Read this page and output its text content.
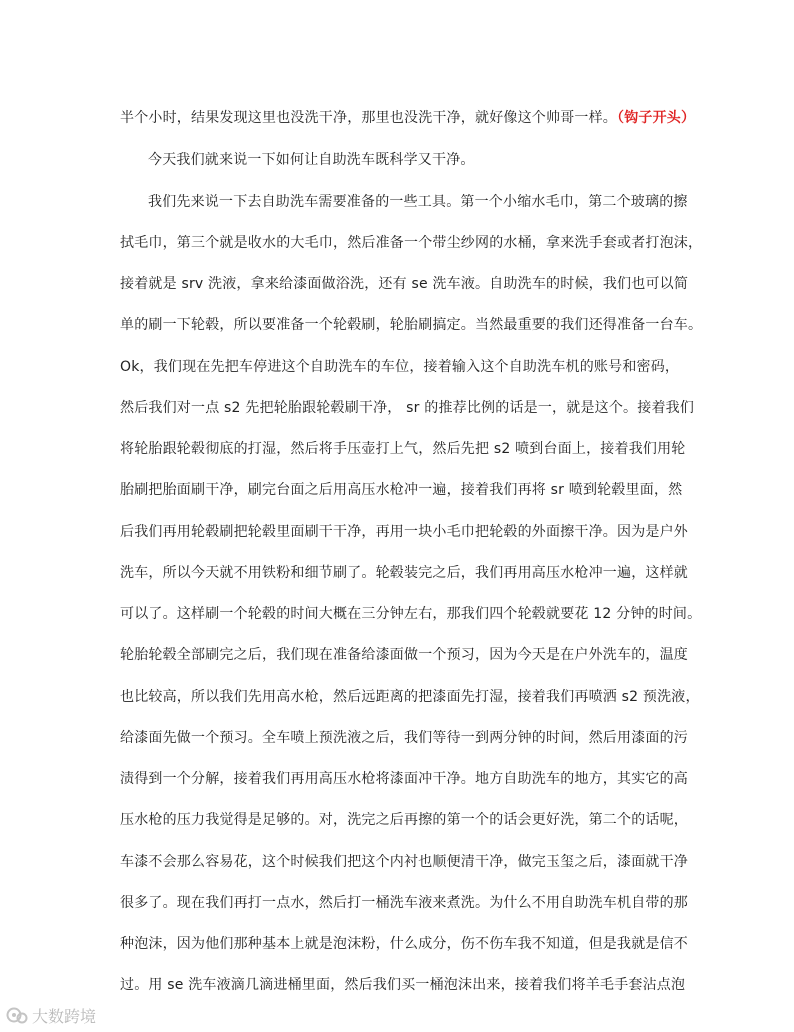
半个小时，结果发现这里也没洗干净，那里也没洗干净，就好像这个帅哥一样。（钩子开头）
今天我们就来说一下如何让自助洗车既科学又干净。
我们先来说一下去自助洗车需要准备的一些工具。第一个小缩水毛巾，第二个玻璃的擦
拭毛巾，第三个就是收水的大毛巾，然后准备一个带尘纱网的水桶，拿来洗手套或者打泡沫，
接着就是 srv 洗液，拿来给漆面做浴洗，还有 se 洗车液。自助洗车的时候，我们也可以简
单的刷一下轮毂，所以要准备一个轮毂刷，轮胎刷搞定。当然最重要的我们还得准备一台车。
Ok，我们现在先把车停进这个自助洗车的车位，接着输入这个自助洗车机的账号和密码，
然后我们对一点 s2 先把轮胎跟轮毂刷干净， sr 的推荐比例的话是一，就是这个。接着我们
将轮胎跟轮毂彻底的打湿，然后将手压壶打上气，然后先把 s2 喷到台面上，接着我们用轮
胎刷把胎面刷干净，刷完台面之后用高压水枪冲一遍，接着我们再将 sr 喷到轮毂里面，然
后我们再用轮毂刷把轮毂里面刷干干净，再用一块小毛巾把轮毂的外面擦干净。因为是户外
洗车，所以今天就不用铁粉和细节刷了。轮毂装完之后，我们再用高压水枪冲一遍，这样就
可以了。这样刷一个轮毂的时间大概在三分钟左右，那我们四个轮毂就要花 12 分钟的时间。
轮胎轮毂全部刷完之后，我们现在准备给漆面做一个预习，因为今天是在户外洗车的，温度
也比较高，所以我们先用高水枪，然后远距离的把漆面先打湿，接着我们再喷洒 s2 预洗液，
给漆面先做一个预习。全车喷上预洗液之后，我们等待一到两分钟的时间，然后用漆面的污
渍得到一个分解，接着我们再用高压水枪将漆面冲干净。地方自助洗车的地方，其实它的高
压水枪的压力我觉得是足够的。对，洗完之后再擦的第一个的话会更好洗，第二个的话呢，
车漆不会那么容易花，这个时候我们把这个内衬也顺便清干净，做完玉玺之后，漆面就干净
很多了。现在我们再打一点水，然后打一桶洗车液来煮洗。为什么不用自助洗车机自带的那
种泡沫，因为他们那种基本上就是泡沫粉，什么成分，伤不伤车我不知道，但是我就是信不
过。用 se 洗车液滴几滴进桶里面，然后我们买一桶泡沫出来，接着我们将羊毛手套沾点泡
大数跨境
